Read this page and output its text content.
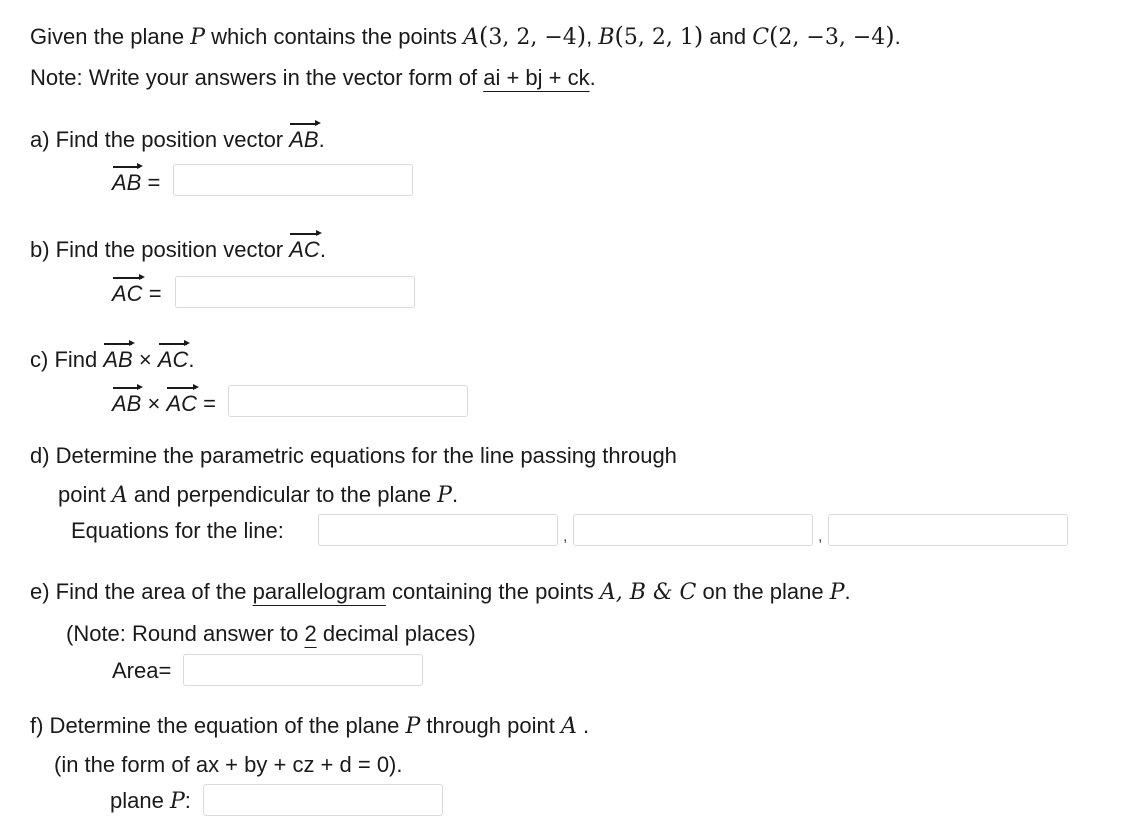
Given the plane P which contains the points A(3, 2, −4), B(5, 2, 1) and C(2, −3, −4).
Note: Write your answers in the vector form of ai + bj + ck.
a) Find the position vector AB.
AB =
b) Find the position vector AC.
AC =
c) Find AB × AC.
AB × AC =
d) Determine the parametric equations for the line passing through
point A and perpendicular to the plane P.
Equations for the line:	,	,
e) Find the area of the parallelogram containing the points A, B & C on the plane P.
(Note: Round answer to 2 decimal places)
Area=
f) Determine the equation of the plane P through point A .
(in the form of ax + by + cz + d = 0).
plane P:
